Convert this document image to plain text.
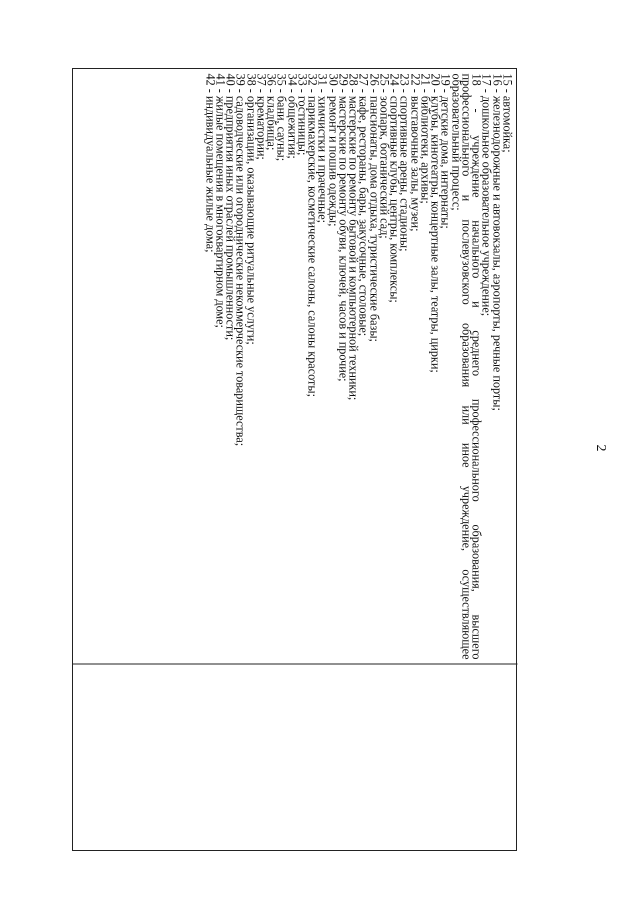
2
15 - автомойка;
16 - железнодорожные и автовокзалы, аэропорты, речные порты;
17 - дошкольное образовательное учреждение;
18 - учреждение начального и среднего профессионального образования, высшего
профессионального и послевузовского образования или иное учреждение, осуществляющее
образовательный процесс;
19 - детские дома, интернаты;
20 - клубы, кинотеатры, концертные залы, театры, цирки;
21 - библиотеки, архивы;
22 - выставочные залы, музеи;
23 - спортивные арены, стадионы;
24 - спортивные клубы, центры, комплексы;
25 - зоопарк, ботанический сад;
26 - пансионаты, дома отдыха, туристические базы;
27 - кафе, рестораны, бары, закусочные, столовые;
28 - мастерские по ремонту бытовой и компьютерной техники;
29 - мастерские по ремонту обуви, ключей, часов и прочие;
30 - ремонт и пошив одежды;
31 - химчистки и прачечные;
32 - парикмахерские, косметические салоны, салоны красоты;
33 - гостиницы;
34 - общежития;
35 - бани, сауны;
36 - кладбища;
37 - крематории;
38 - организации, оказывающие ритуальные услуги;
39 - садоводческие или огороднические некоммерческие товарищества;
40 - предприятия иных отраслей промышленности;
41 - жилые помещения в многоквартирном доме;
42 - индивидуальные жилые дома;
